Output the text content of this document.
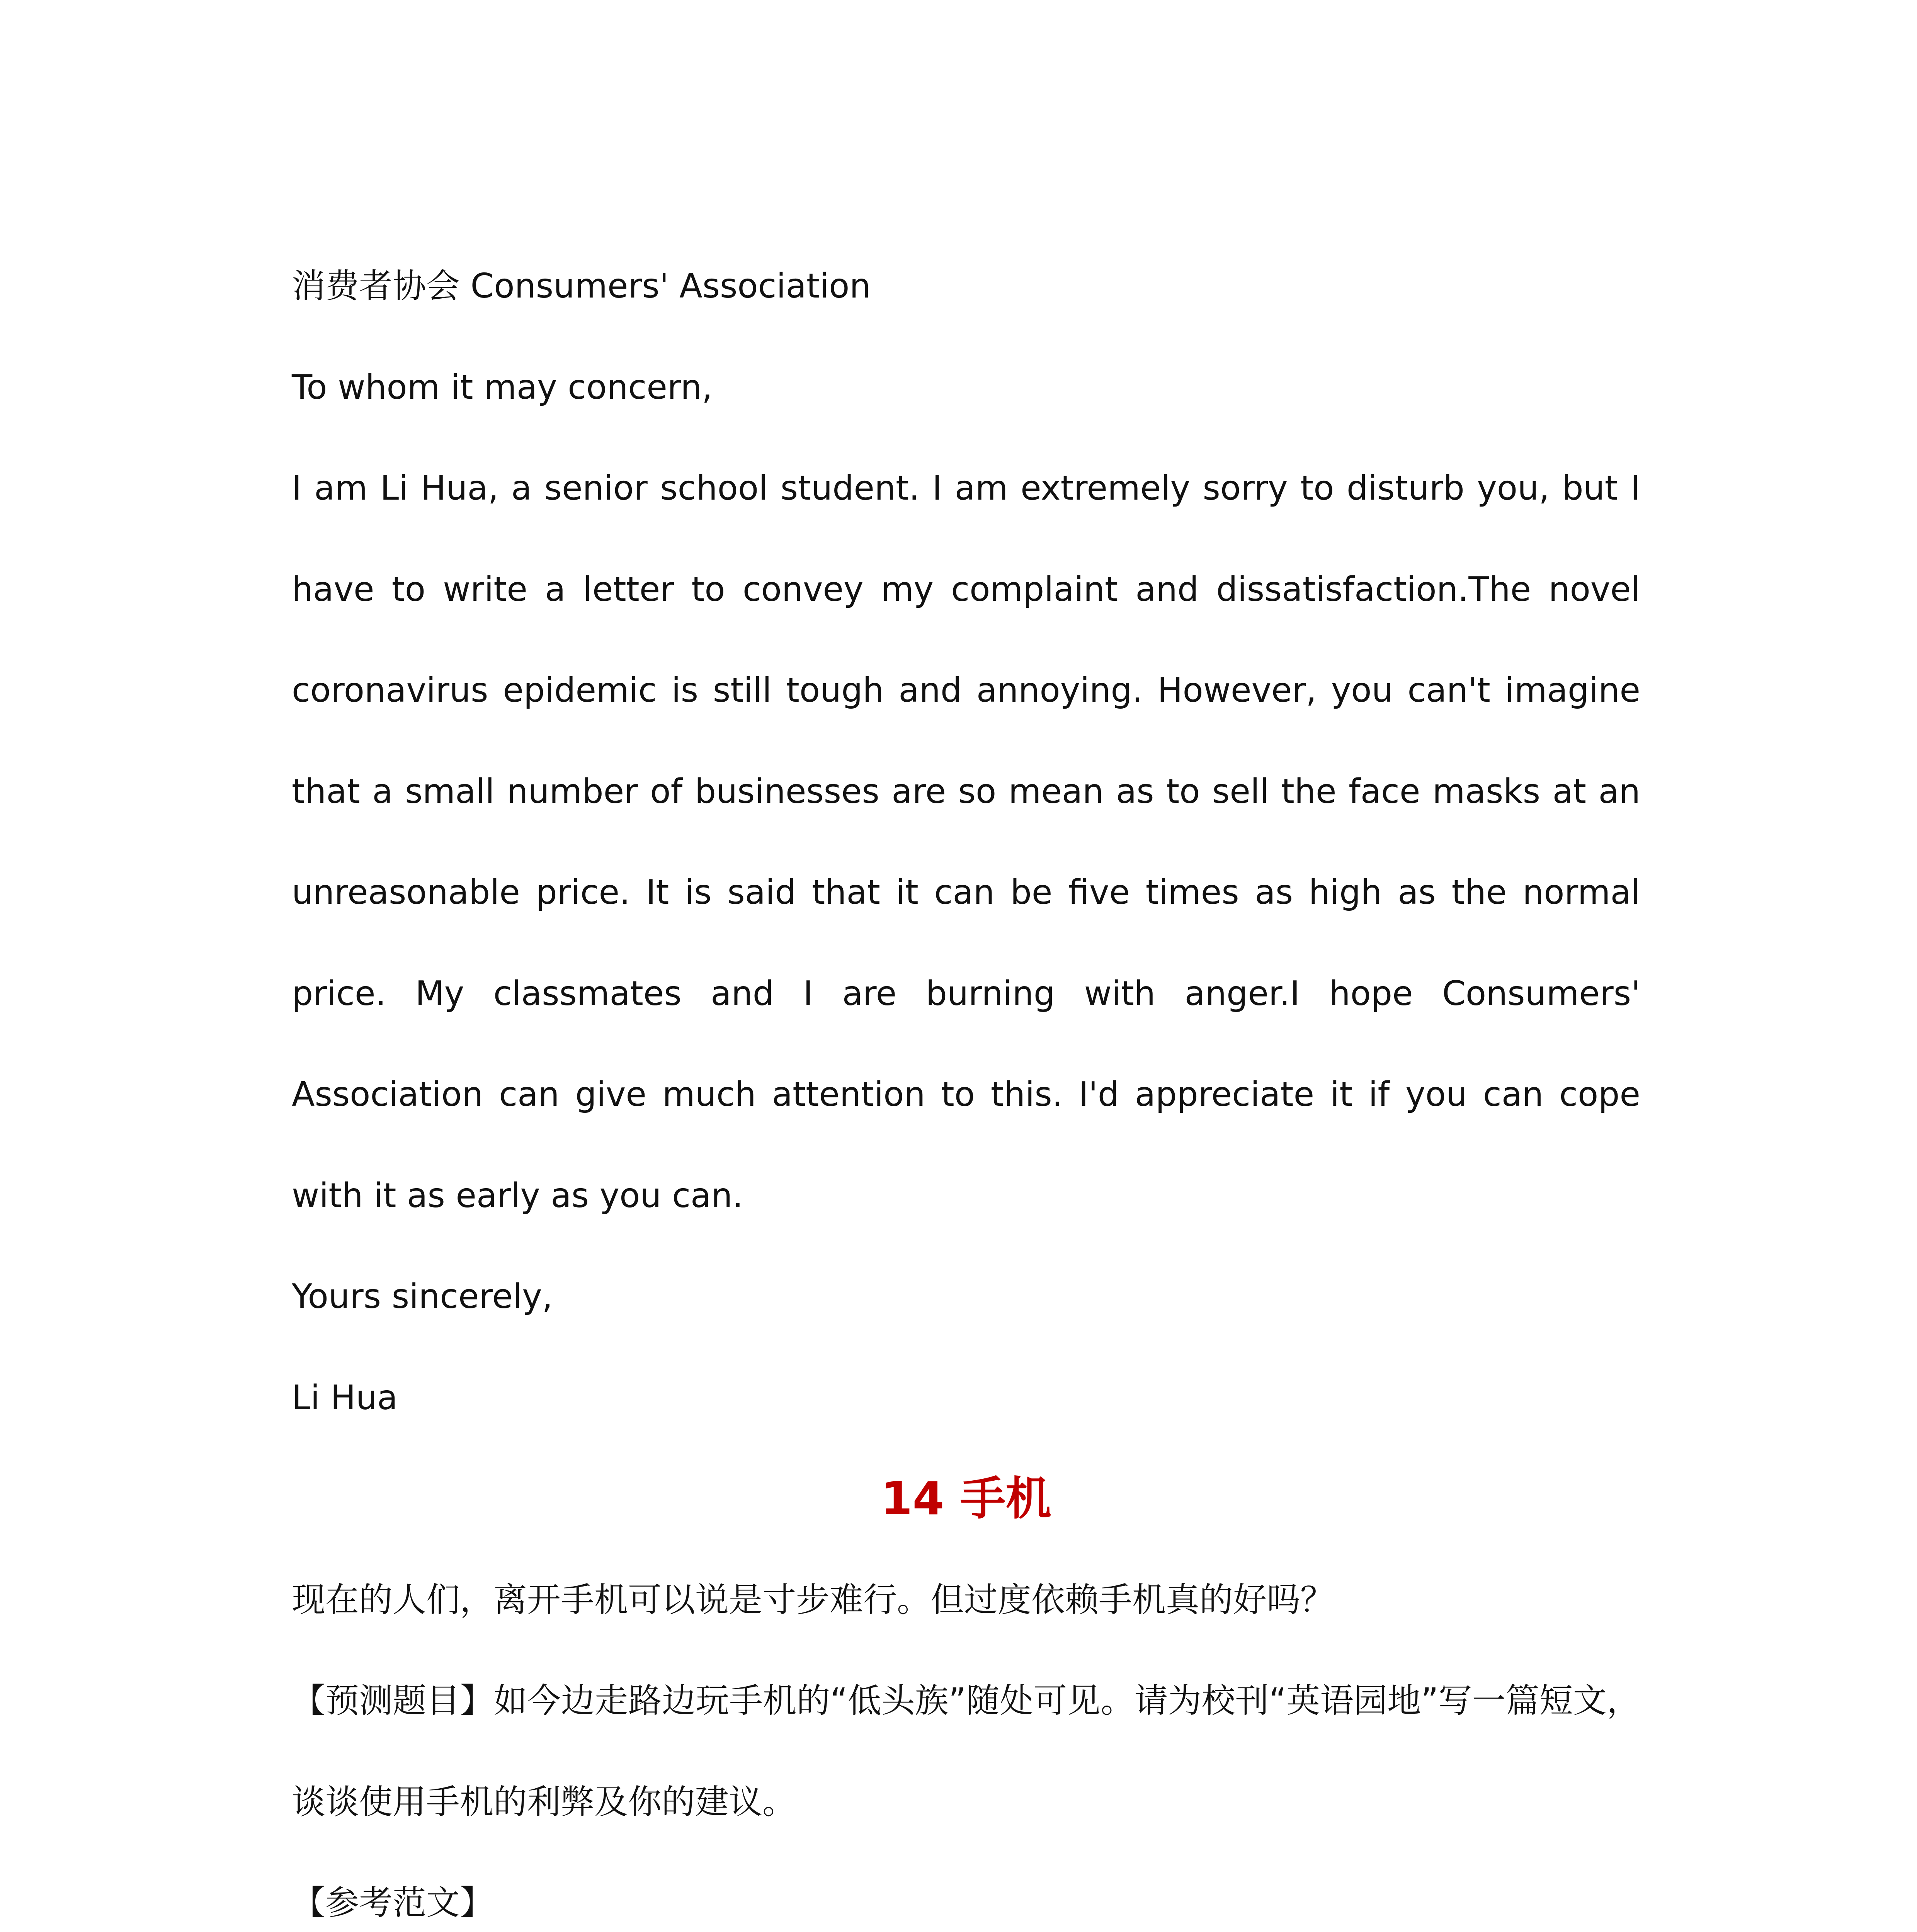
消费者协会 Consumers' Association

To whom it may concern,

I am Li Hua, a senior school student. I am extremely sorry to disturb you, but I have to write a letter to convey my complaint and dissatisfaction.The novel coronavirus epidemic is still tough and annoying. However, you can't imagine that a small number of businesses are so mean as to sell the face masks at an unreasonable price. It is said that it can be five times as high as the normal price. My classmates and I are burning with anger.I hope Consumers' Association can give much attention to this. I'd appreciate it if you can cope with it as early as you can.

Yours sincerely,

Li Hua

14 手机

现在的人们，离开手机可以说是寸步难行。但过度依赖手机真的好吗？

【预测题目】如今边走路边玩手机的“低头族”随处可见。请为校刊“英语园地”写一篇短文，谈谈使用手机的利弊及你的建议。

【参考范文】
